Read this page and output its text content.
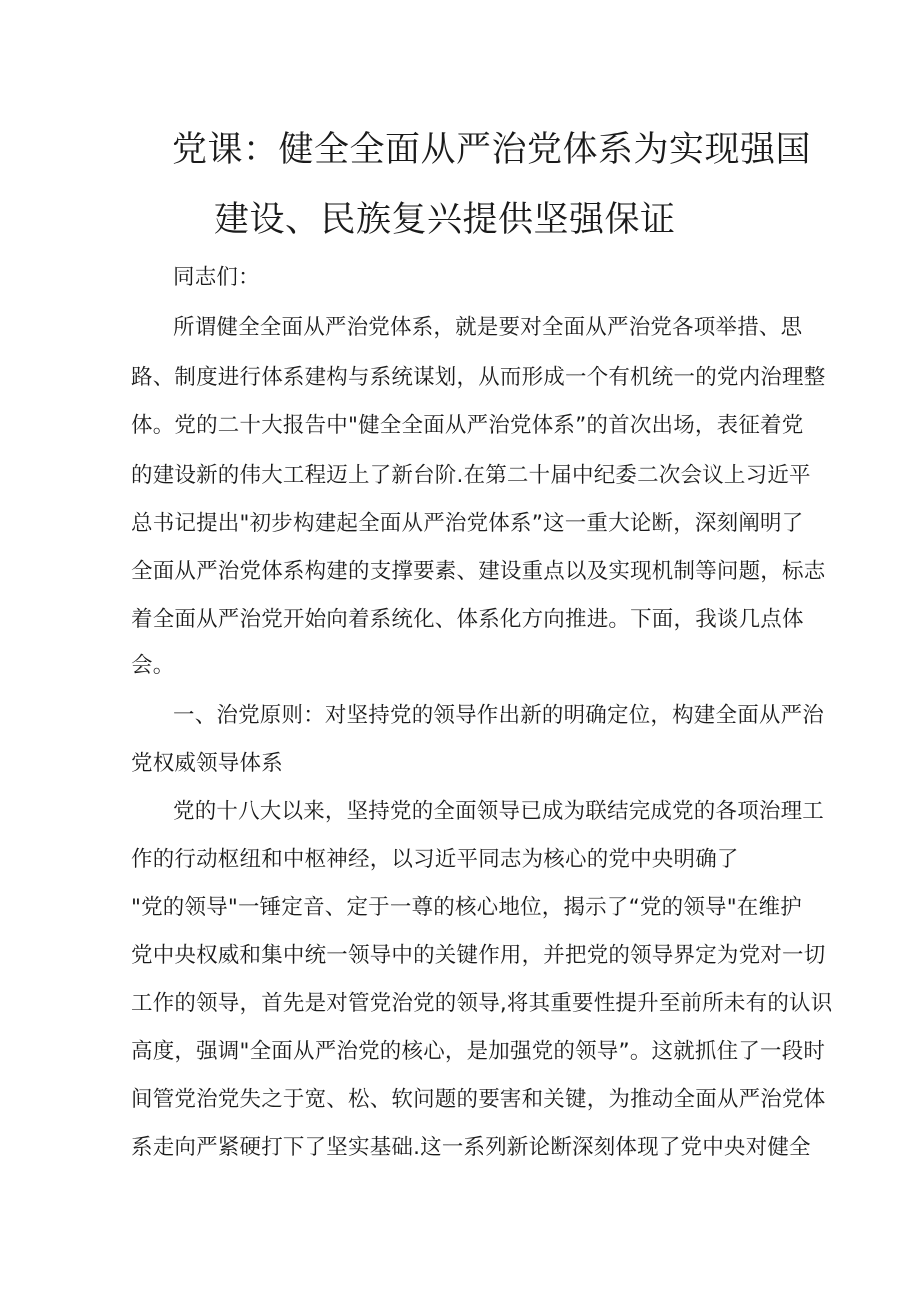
党课：健全全面从严治党体系为实现强国
建设、民族复兴提供坚强保证
同志们：
所谓健全全面从严治党体系，就是要对全面从严治党各项举措、思
路、制度进行体系建构与系统谋划，从而形成一个有机统一的党内治理整
体。党的二十大报告中"健全全面从严治党体系”的首次出场，表征着党
的建设新的伟大工程迈上了新台阶.在第二十届中纪委二次会议上习近平
总书记提出"初步构建起全面从严治党体系”这一重大论断，深刻阐明了
全面从严治党体系构建的支撑要素、建设重点以及实现机制等问题，标志
着全面从严治党开始向着系统化、体系化方向推进。下面，我谈几点体
会。
一、治党原则：对坚持党的领导作出新的明确定位，构建全面从严治
党权威领导体系
党的十八大以来，坚持党的全面领导已成为联结完成党的各项治理工
作的行动枢纽和中枢神经，以习近平同志为核心的党中央明确了
"党的领导"一锤定音、定于一尊的核心地位，揭示了“党的领导"在维护
党中央权威和集中统一领导中的关键作用，并把党的领导界定为党对一切
工作的领导，首先是对管党治党的领导,将其重要性提升至前所未有的认识
高度，强调"全面从严治党的核心，是加强党的领导”。这就抓住了一段时
间管党治党失之于宽、松、软问题的要害和关键，为推动全面从严治党体
系走向严紧硬打下了坚实基础.这一系列新论断深刻体现了党中央对健全
